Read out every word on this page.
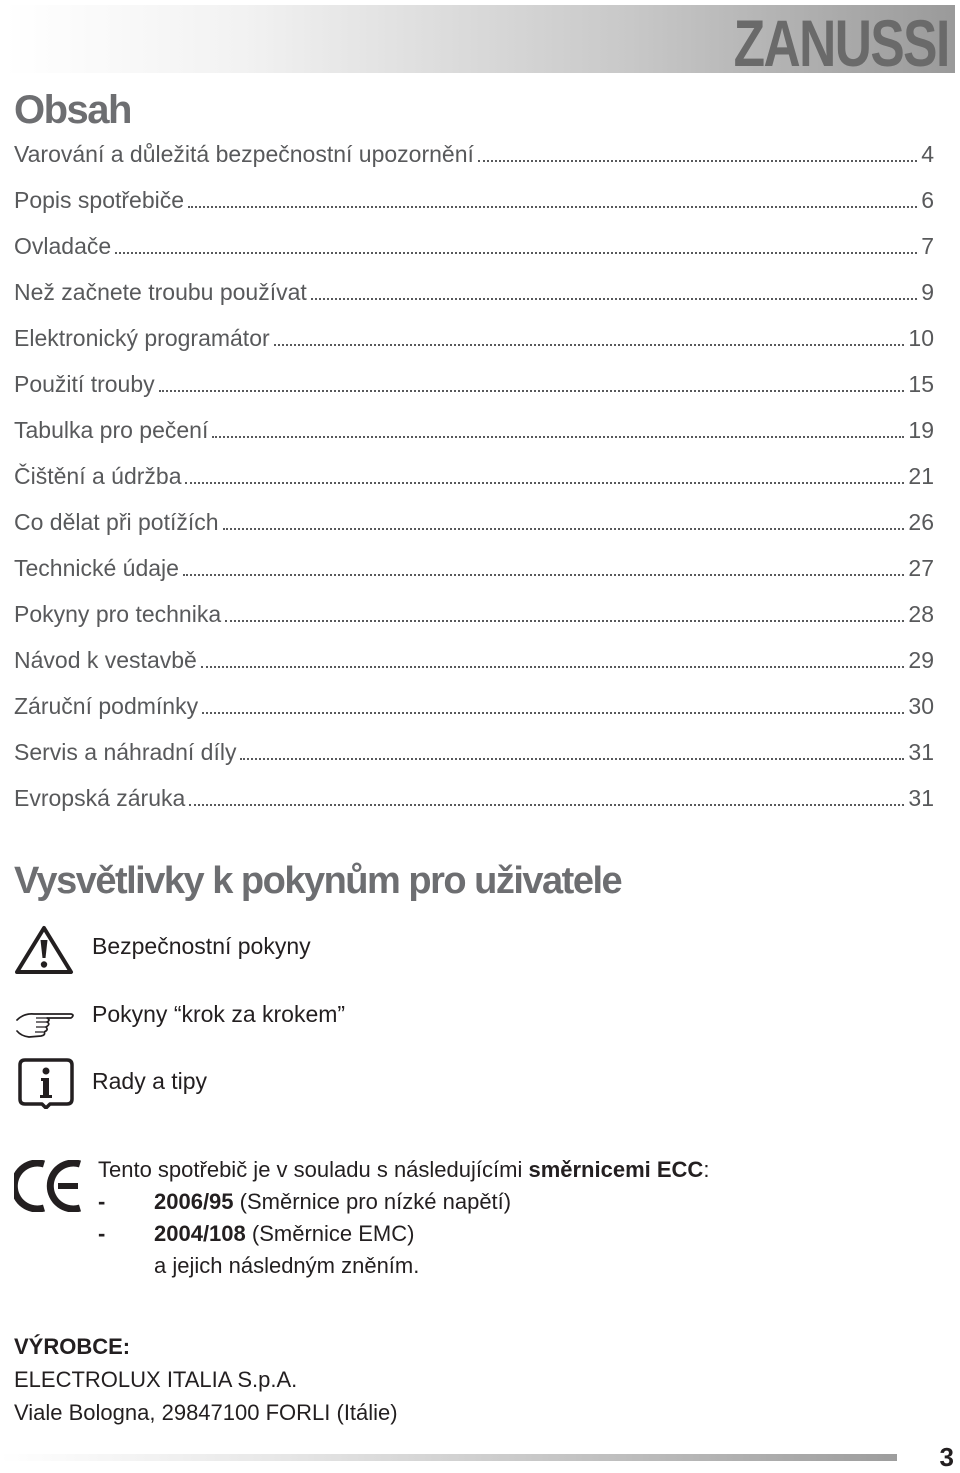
ZANUSSI
Obsah
Varování a důležitá bezpečnostní upozornění	4
Popis spotřebiče	6
Ovladače	7
Než začnete troubu používat	9
Elektronický programátor	10
Použití trouby	15
Tabulka pro pečení	19
Čištění a údržba	21
Co dělat při potížích	26
Technické údaje	27
Pokyny pro technika	28
Návod k vestavbě	29
Záruční podmínky	30
Servis a náhradní díly	31
Evropská záruka	31
Vysvětlivky k pokynům pro uživatele
Bezpečnostní pokyny
Pokyny “krok za krokem”
Rady a tipy
Tento spotřebič je v souladu s následujícími směrnicemi ECC:
- 2006/95 (Směrnice pro nízké napětí)
- 2004/108 (Směrnice EMC)
a jejich následným zněním.
VÝROBCE:
ELECTROLUX ITALIA S.p.A.
Viale Bologna, 29847100 FORLI (Itálie)
3
